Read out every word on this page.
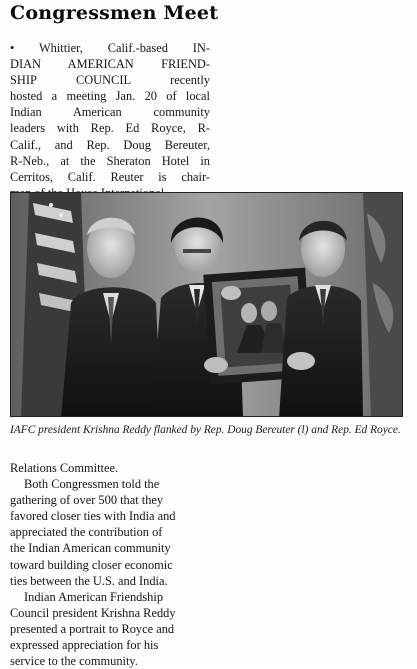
Congressmen Meet
• Whittier, Calif.-based IN-
DIAN AMERICAN FRIEND-
SHIP COUNCIL recently
hosted a meeting Jan. 20 of local
Indian American community
leaders with Rep. Ed Royce, R-
Calif., and Rep. Doug Bereuter,
R-Neb., at the Sheraton Hotel in
Cerritos, Calif. Reuter is chair-

IAFC president Krishna Reddy flanked by Rep. Doug Bereuter (l) and Rep. Ed Royce.

Relations Committee.
Both Congressmen told the
gathering of over 500 that they
favored closer ties with India and
appreciated the contribution of
the Indian American community
toward building closer economic
ties between the U.S. and India.
Indian American Friendship
Council president Krishna Reddy
presented a portrait to Royce and
expressed appreciation for his
service to the community.
